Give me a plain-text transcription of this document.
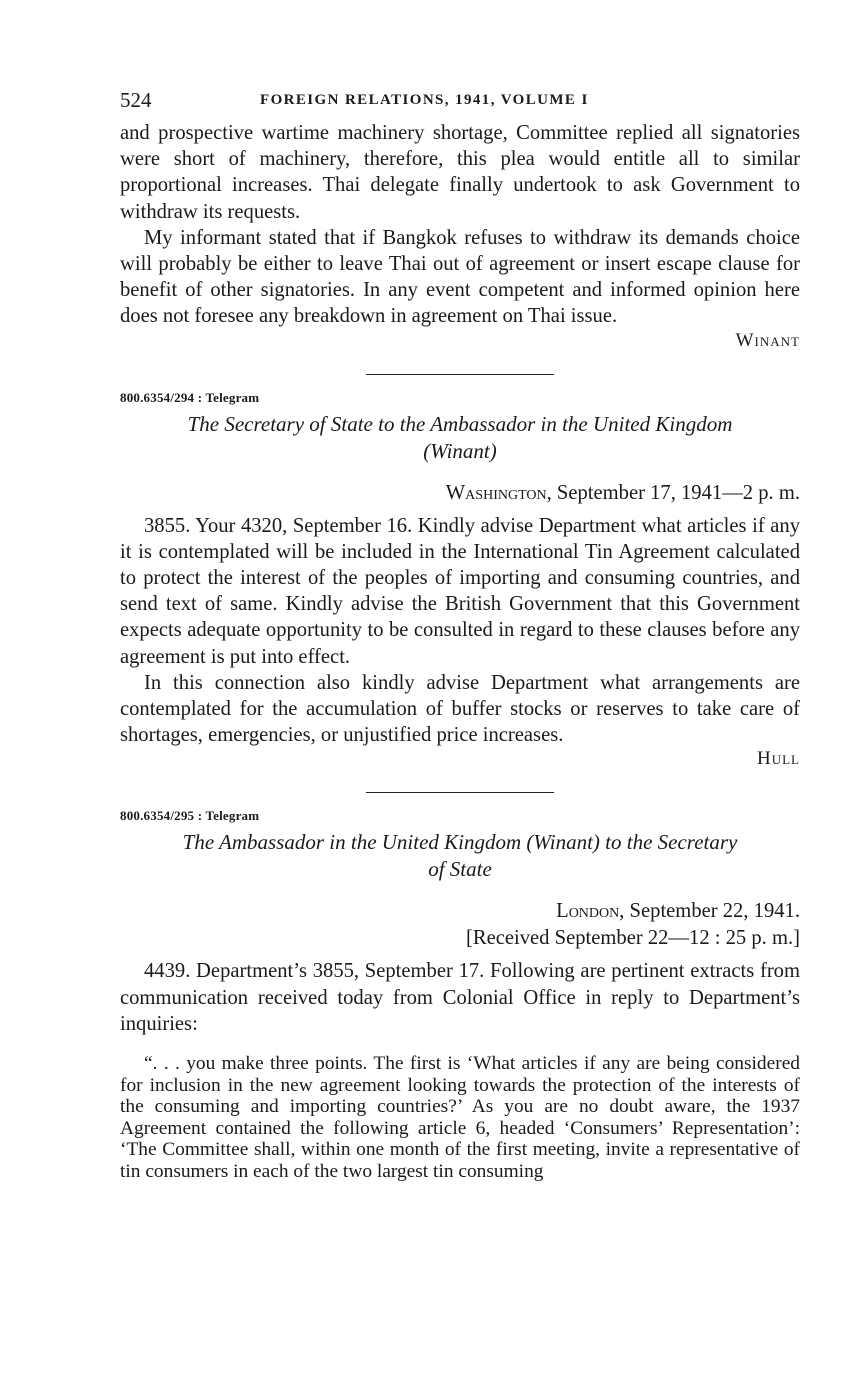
524	FOREIGN RELATIONS, 1941, VOLUME I

and prospective wartime machinery shortage, Committee replied all signatories were short of machinery, therefore, this plea would entitle all to similar proportional increases. Thai delegate finally undertook to ask Government to withdraw its requests.

My informant stated that if Bangkok refuses to withdraw its demands choice will probably be either to leave Thai out of agreement or insert escape clause for benefit of other signatories. In any event competent and informed opinion here does not foresee any breakdown in agreement on Thai issue.

Winant
800.6354/294 : Telegram
The Secretary of State to the Ambassador in the United Kingdom
(Winant)
Washington, September 17, 1941—2 p. m.

3855. Your 4320, September 16. Kindly advise Department what articles if any it is contemplated will be included in the International Tin Agreement calculated to protect the interest of the peoples of importing and consuming countries, and send text of same. Kindly advise the British Government that this Government expects adequate opportunity to be consulted in regard to these clauses before any agreement is put into effect.

In this connection also kindly advise Department what arrangements are contemplated for the accumulation of buffer stocks or reserves to take care of shortages, emergencies, or unjustified price increases.

Hull
800.6354/295 : Telegram
The Ambassador in the United Kingdom (Winant) to the Secretary
of State
London, September 22, 1941.
[Received September 22—12 : 25 p. m.]

4439. Department’s 3855, September 17. Following are pertinent extracts from communication received today from Colonial Office in reply to Department’s inquiries:

“. . . you make three points. The first is ‘What articles if any are being considered for inclusion in the new agreement looking towards the protection of the interests of the consuming and importing countries?’ As you are no doubt aware, the 1937 Agreement contained the following article 6, headed ‘Consumers’ Representation’: ‘The Committee shall, within one month of the first meeting, invite a representative of tin consumers in each of the two largest tin consuming
